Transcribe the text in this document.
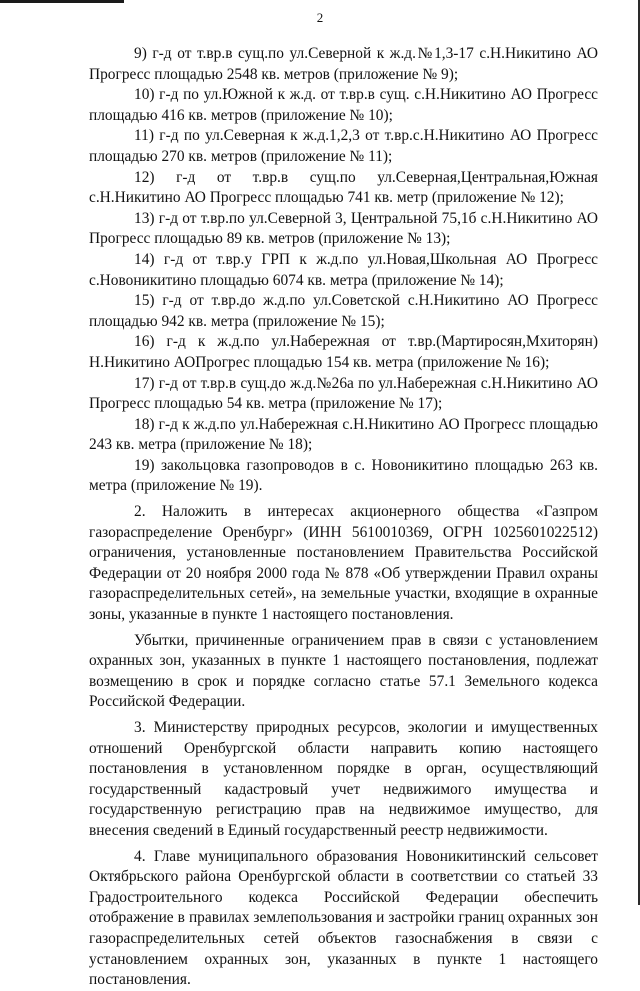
2

9) г-д от т.вр.в сущ.по ул.Северной к ж.д.№1,3-17 с.Н.Никитино АО Прогресс площадью 2548 кв. метров (приложение № 9);

10) г-д по ул.Южной к ж.д. от т.вр.в сущ. с.Н.Никитино АО Прогресс площадью 416 кв. метров (приложение № 10);

11) г-д по ул.Северная к ж.д.1,2,3 от т.вр.с.Н.Никитино АО Прогресс площадью 270 кв. метров (приложение № 11);

12) г-д от т.вр.в сущ.по ул.Северная,Центральная,Южная с.Н.Никитино АО Прогресс площадью 741 кв. метр (приложение № 12);

13) г-д от т.вр.по ул.Северной 3, Центральной 75,1б с.Н.Никитино АО Прогресс площадью 89 кв. метров (приложение № 13);

14) г-д от т.вр.у ГРП к ж.д.по ул.Новая,Школьная АО Прогресс с.Новоникитино площадью 6074 кв. метра (приложение № 14);

15) г-д от т.вр.до ж.д.по ул.Советской с.Н.Никитино АО Прогресс площадью 942 кв. метра (приложение № 15);

16) г-д к ж.д.по ул.Набережная от т.вр.(Мартиросян,Мхиторян) Н.Никитино АОПрогрес площадью 154 кв. метра (приложение № 16);

17) г-д от т.вр.в сущ.до ж.д.№26а по ул.Набережная с.Н.Никитино АО Прогресс площадью 54 кв. метра (приложение № 17);

18) г-д к ж.д.по ул.Набережная с.Н.Никитино АО Прогресс площадью 243 кв. метра (приложение № 18);

19) закольцовка газопроводов в с. Новоникитино площадью 263 кв. метра (приложение № 19).

2. Наложить в интересах акционерного общества «Газпром газораспределение Оренбург» (ИНН 5610010369, ОГРН 1025601022512) ограничения, установленные постановлением Правительства Российской Федерации от 20 ноября 2000 года № 878 «Об утверждении Правил охраны газораспределительных сетей», на земельные участки, входящие в охранные зоны, указанные в пункте 1 настоящего постановления.

Убытки, причиненные ограничением прав в связи с установлением охранных зон, указанных в пункте 1 настоящего постановления, подлежат возмещению в срок и порядке согласно статье 57.1 Земельного кодекса Российской Федерации.

3. Министерству природных ресурсов, экологии и имущественных отношений Оренбургской области направить копию настоящего постановления в установленном порядке в орган, осуществляющий государственный кадастровый учет недвижимого имущества и государственную регистрацию прав на недвижимое имущество, для внесения сведений в Единый государственный реестр недвижимости.

4. Главе муниципального образования Новоникитинский сельсовет Октябрьского района Оренбургской области в соответствии со статьей 33 Градостроительного кодекса Российской Федерации обеспечить отображение в правилах землепользования и застройки границ охранных зон газораспределительных сетей объектов газоснабжения в связи с установлением охранных зон, указанных в пункте 1 настоящего постановления.
